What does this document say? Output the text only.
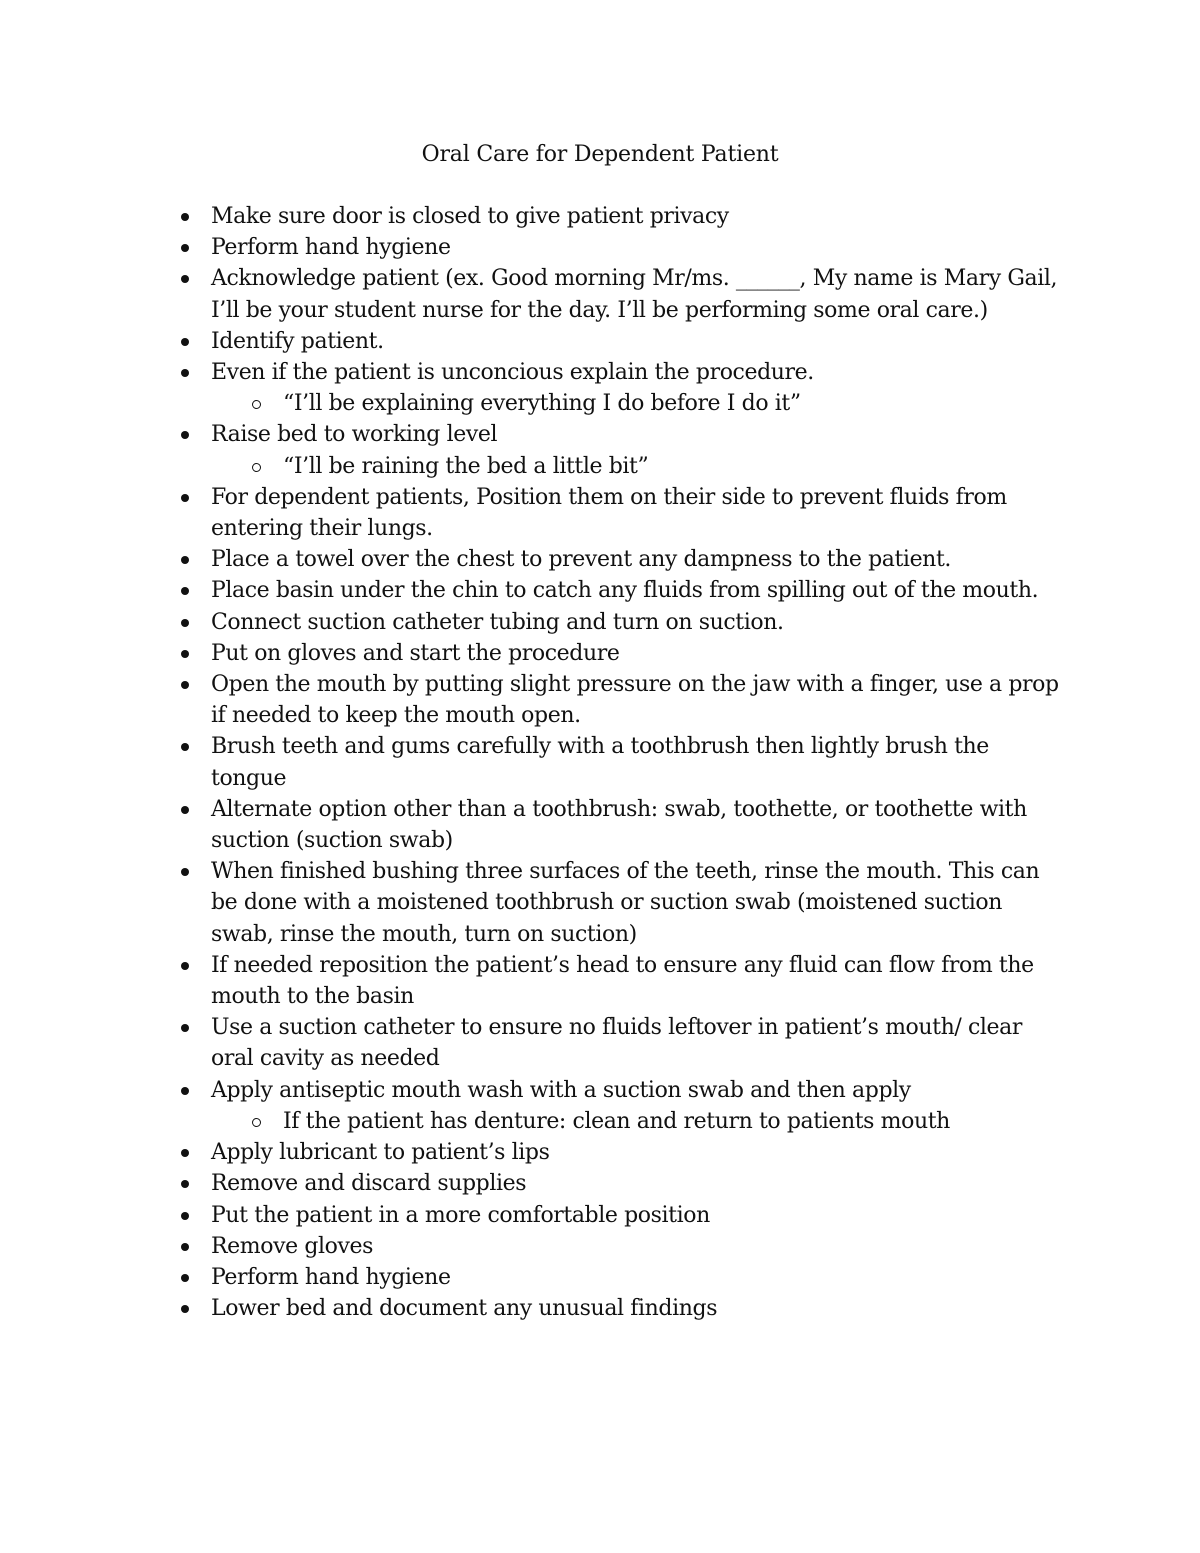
Oral Care for Dependent Patient
Make sure door is closed to give patient privacy
Perform hand hygiene
Acknowledge patient (ex. Good morning Mr/ms. ______, My name is Mary Gail, I’ll be your student nurse for the day. I’ll be performing some oral care.)
Identify patient.
Even if the patient is unconcious explain the procedure.
“I’ll be explaining everything I do before I do it”
Raise bed to working level
“I’ll be raining the bed a little bit”
For dependent patients, Position them on their side to prevent fluids from entering their lungs.
Place a towel over the chest to prevent any dampness to the patient.
Place basin under the chin to catch any fluids from spilling out of the mouth.
Connect suction catheter tubing and turn on suction.
Put on gloves and start the procedure
Open the mouth by putting slight pressure on the jaw with a finger, use a prop if needed to keep the mouth open.
Brush teeth and gums carefully with a toothbrush then lightly brush the tongue
Alternate option other than a toothbrush: swab, toothette, or toothette with suction (suction swab)
When finished bushing three surfaces of the teeth, rinse the mouth. This can be done with a moistened toothbrush or suction swab (moistened suction swab, rinse the mouth, turn on suction)
If needed reposition the patient’s head to ensure any fluid can flow from the mouth to the basin
Use a suction catheter to ensure no fluids leftover in patient’s mouth/ clear oral cavity as needed
Apply antiseptic mouth wash with a suction swab and then apply
If the patient has denture: clean and return to patients mouth
Apply lubricant to patient’s lips
Remove and discard supplies
Put the patient in a more comfortable position
Remove gloves
Perform hand hygiene
Lower bed and document any unusual findings
